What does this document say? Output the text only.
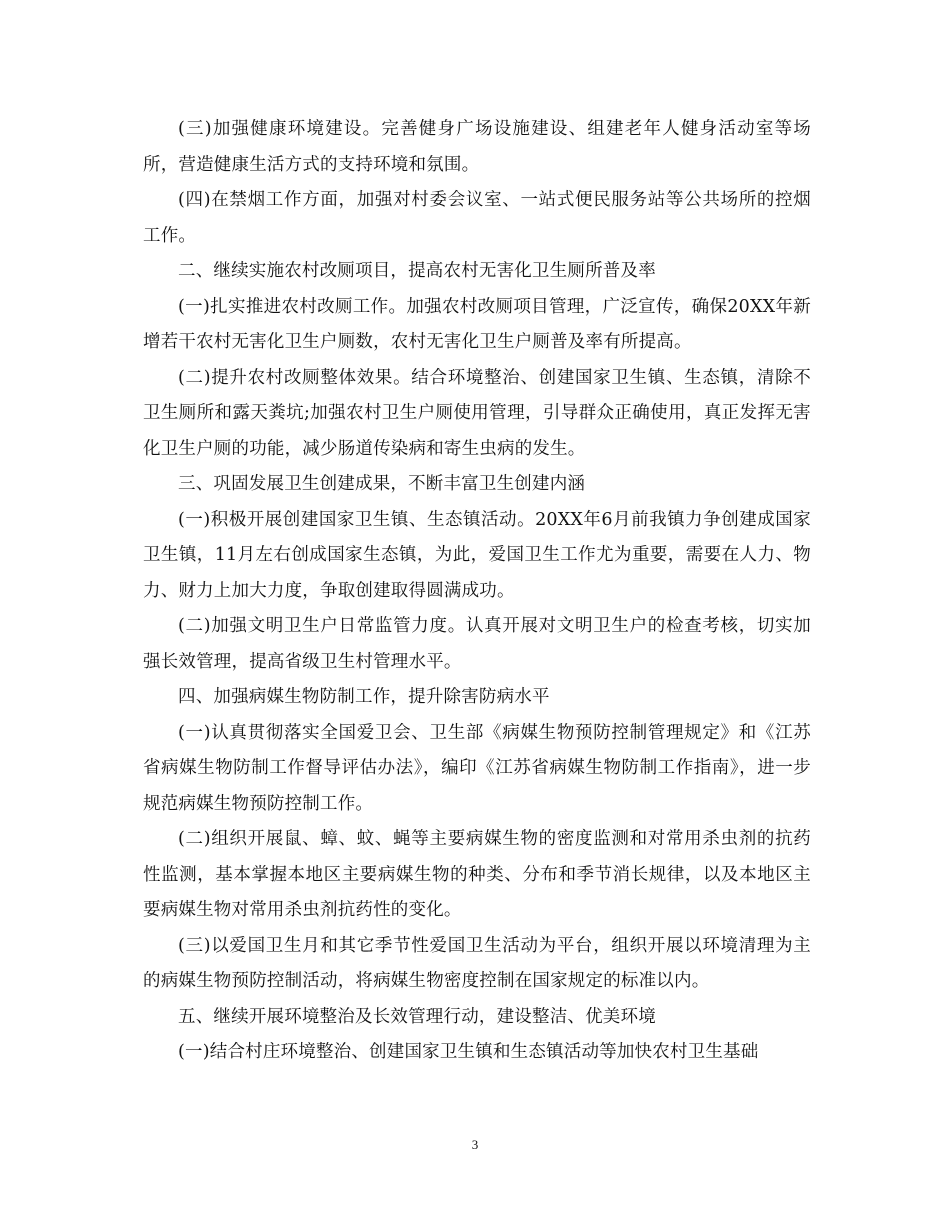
(三)加强健康环境建设。完善健身广场设施建设、组建老年人健身活动室等场所，营造健康生活方式的支持环境和氛围。

(四)在禁烟工作方面，加强对村委会议室、一站式便民服务站等公共场所的控烟工作。

二、继续实施农村改厕项目，提高农村无害化卫生厕所普及率

(一)扎实推进农村改厕工作。加强农村改厕项目管理，广泛宣传，确保20XX年新增若干农村无害化卫生户厕数，农村无害化卫生户厕普及率有所提高。

(二)提升农村改厕整体效果。结合环境整治、创建国家卫生镇、生态镇，清除不卫生厕所和露天粪坑;加强农村卫生户厕使用管理，引导群众正确使用，真正发挥无害化卫生户厕的功能，减少肠道传染病和寄生虫病的发生。

三、巩固发展卫生创建成果，不断丰富卫生创建内涵

(一)积极开展创建国家卫生镇、生态镇活动。20XX年6月前我镇力争创建成国家卫生镇，11月左右创成国家生态镇，为此，爱国卫生工作尤为重要，需要在人力、物力、财力上加大力度，争取创建取得圆满成功。

(二)加强文明卫生户日常监管力度。认真开展对文明卫生户的检查考核，切实加强长效管理，提高省级卫生村管理水平。

四、加强病媒生物防制工作，提升除害防病水平

(一)认真贯彻落实全国爱卫会、卫生部《病媒生物预防控制管理规定》和《江苏省病媒生物防制工作督导评估办法》，编印《江苏省病媒生物防制工作指南》，进一步规范病媒生物预防控制工作。

(二)组织开展鼠、蟑、蚊、蝇等主要病媒生物的密度监测和对常用杀虫剂的抗药性监测，基本掌握本地区主要病媒生物的种类、分布和季节消长规律，以及本地区主要病媒生物对常用杀虫剂抗药性的变化。

(三)以爱国卫生月和其它季节性爱国卫生活动为平台，组织开展以环境清理为主的病媒生物预防控制活动，将病媒生物密度控制在国家规定的标准以内。

五、继续开展环境整治及长效管理行动，建设整洁、优美环境

(一)结合村庄环境整治、创建国家卫生镇和生态镇活动等加快农村卫生基础

3
